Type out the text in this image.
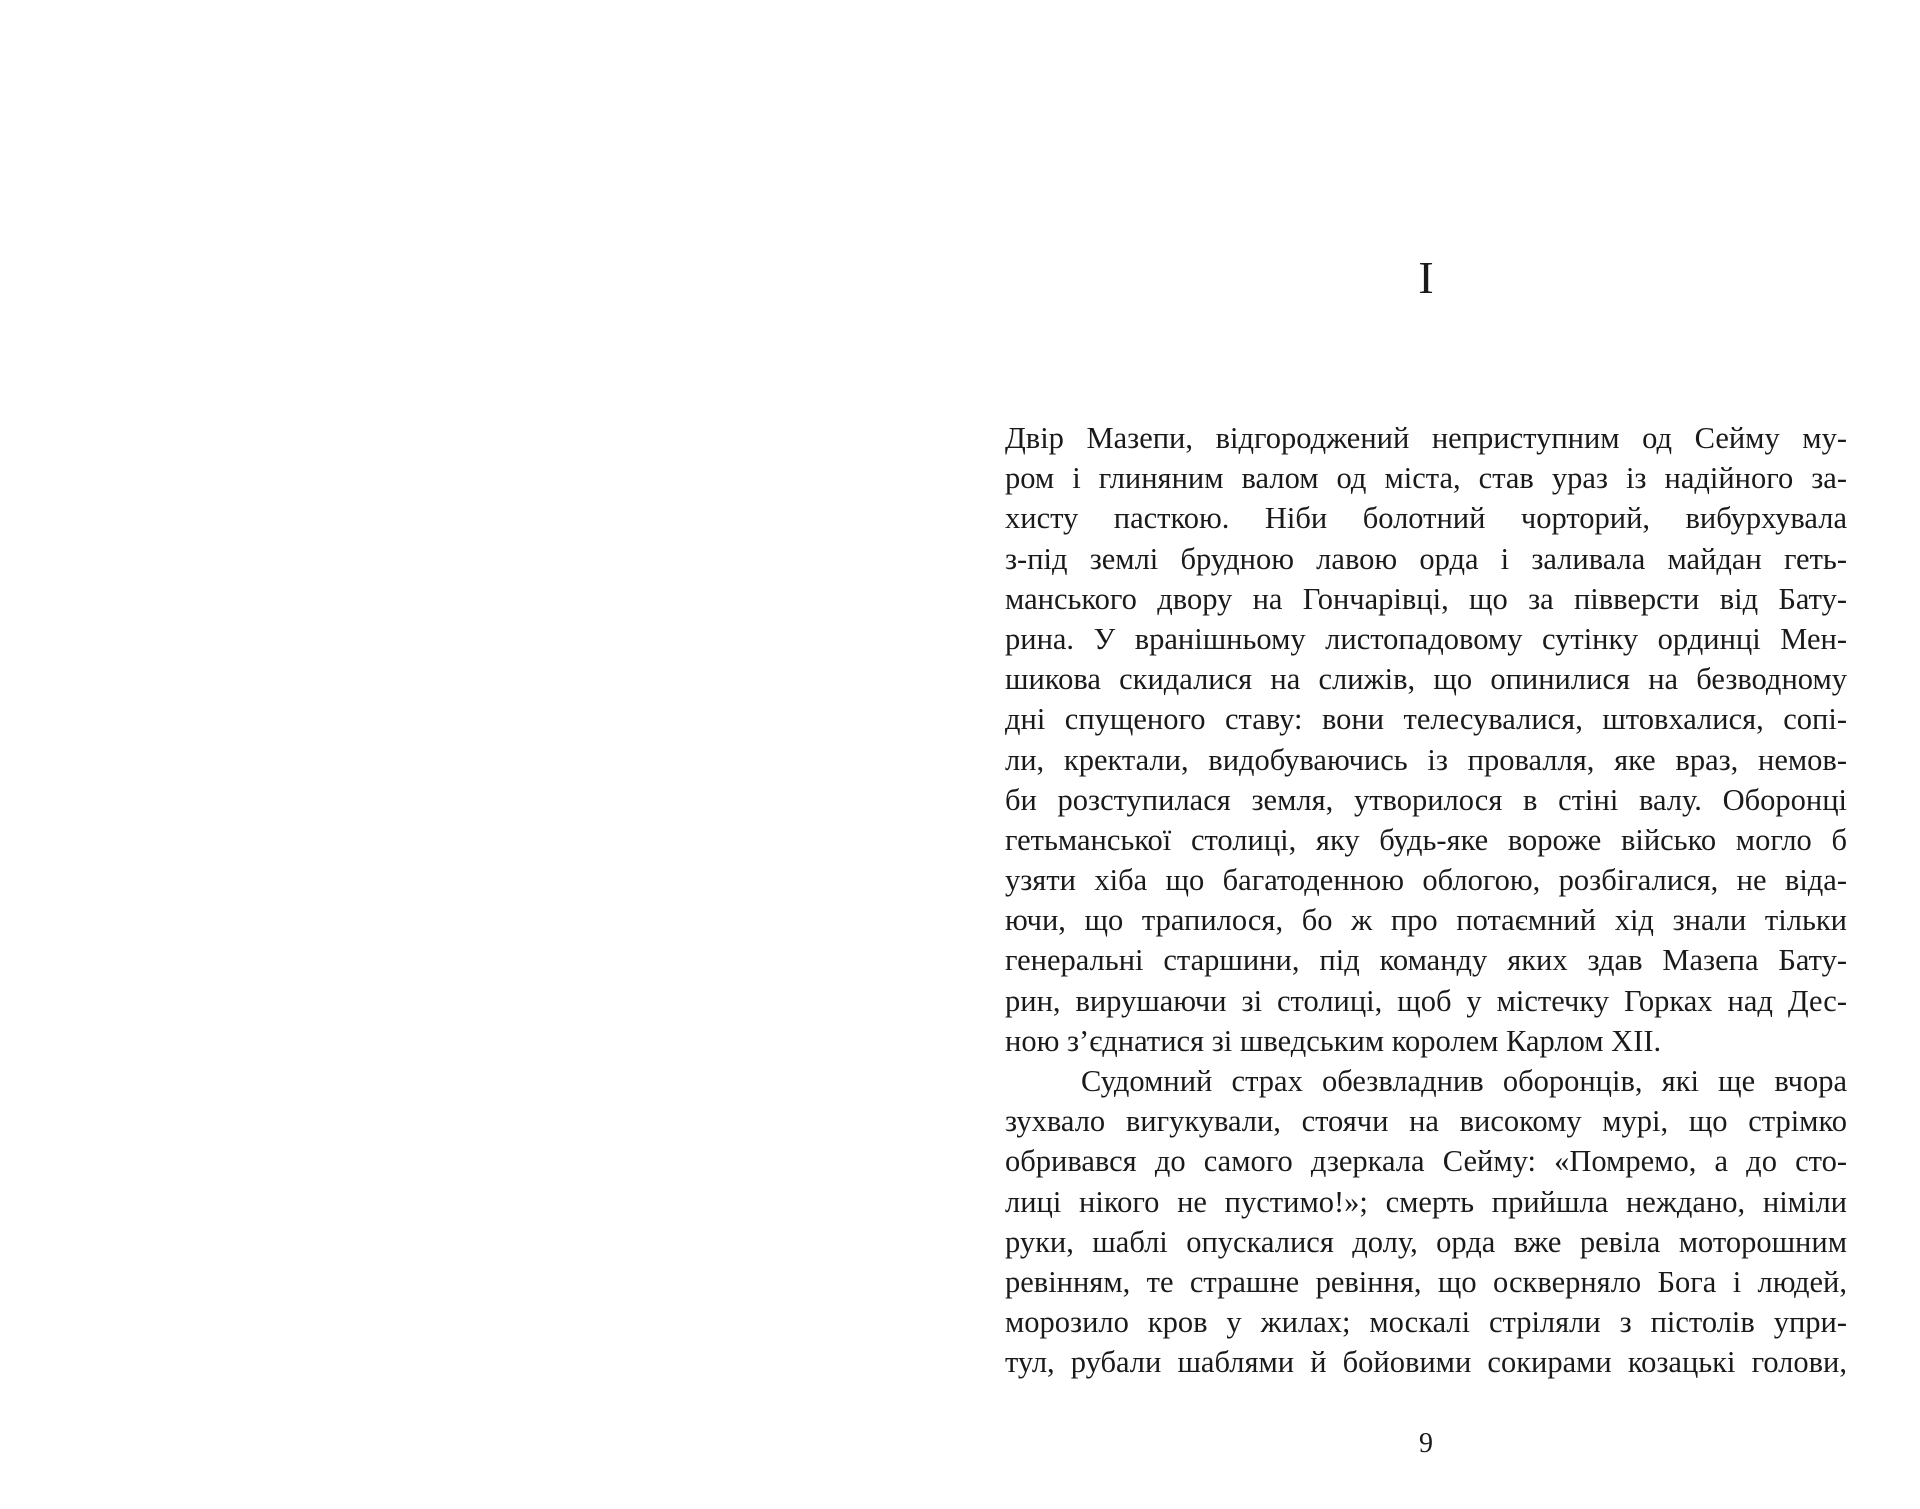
I
Двір Мазепи, відгороджений неприступним од Сейму му-
ром і глиняним валом од міста, став ураз із надійного за-
хисту пасткою. Ніби болотний чорторий, вибурхувала
з-під землі брудною лавою орда і заливала майдан геть-
манського двору на Гончарівці, що за півверсти від Бату-
рина. У вранішньому листопадовому сутінку ординці Мен-
шикова скидалися на слижів, що опинилися на безводному
дні спущеного ставу: вони телесувалися, штовхалися, сопі-
ли, кректали, видобуваючись із провалля, яке враз, немов-
би розступилася земля, утворилося в стіні валу. Оборонці
гетьманської столиці, яку будь-яке вороже військо могло б
узяти хіба що багатоденною облогою, розбігалися, не віда-
ючи, що трапилося, бо ж про потаємний хід знали тільки
генеральні старшини, під команду яких здав Мазепа Бату-
рин, вирушаючи зі столиці, щоб у містечку Горках над Дес-
ною з’єднатися зі шведським королем Карлом XII.
Судомний страх обезвладнив оборонців, які ще вчора
зухвало вигукували, стоячи на високому мурі, що стрімко
обривався до самого дзеркала Сейму: «Помремо, а до сто-
лиці нікого не пустимо!»; смерть прийшла неждано, німіли
руки, шаблі опускалися долу, орда вже ревіла моторошним
ревінням, те страшне ревіння, що оскверняло Бога і людей,
морозило кров у жилах; москалі стріляли з пістолів упри-
тул, рубали шаблями й бойовими сокирами козацькі голови,
9
